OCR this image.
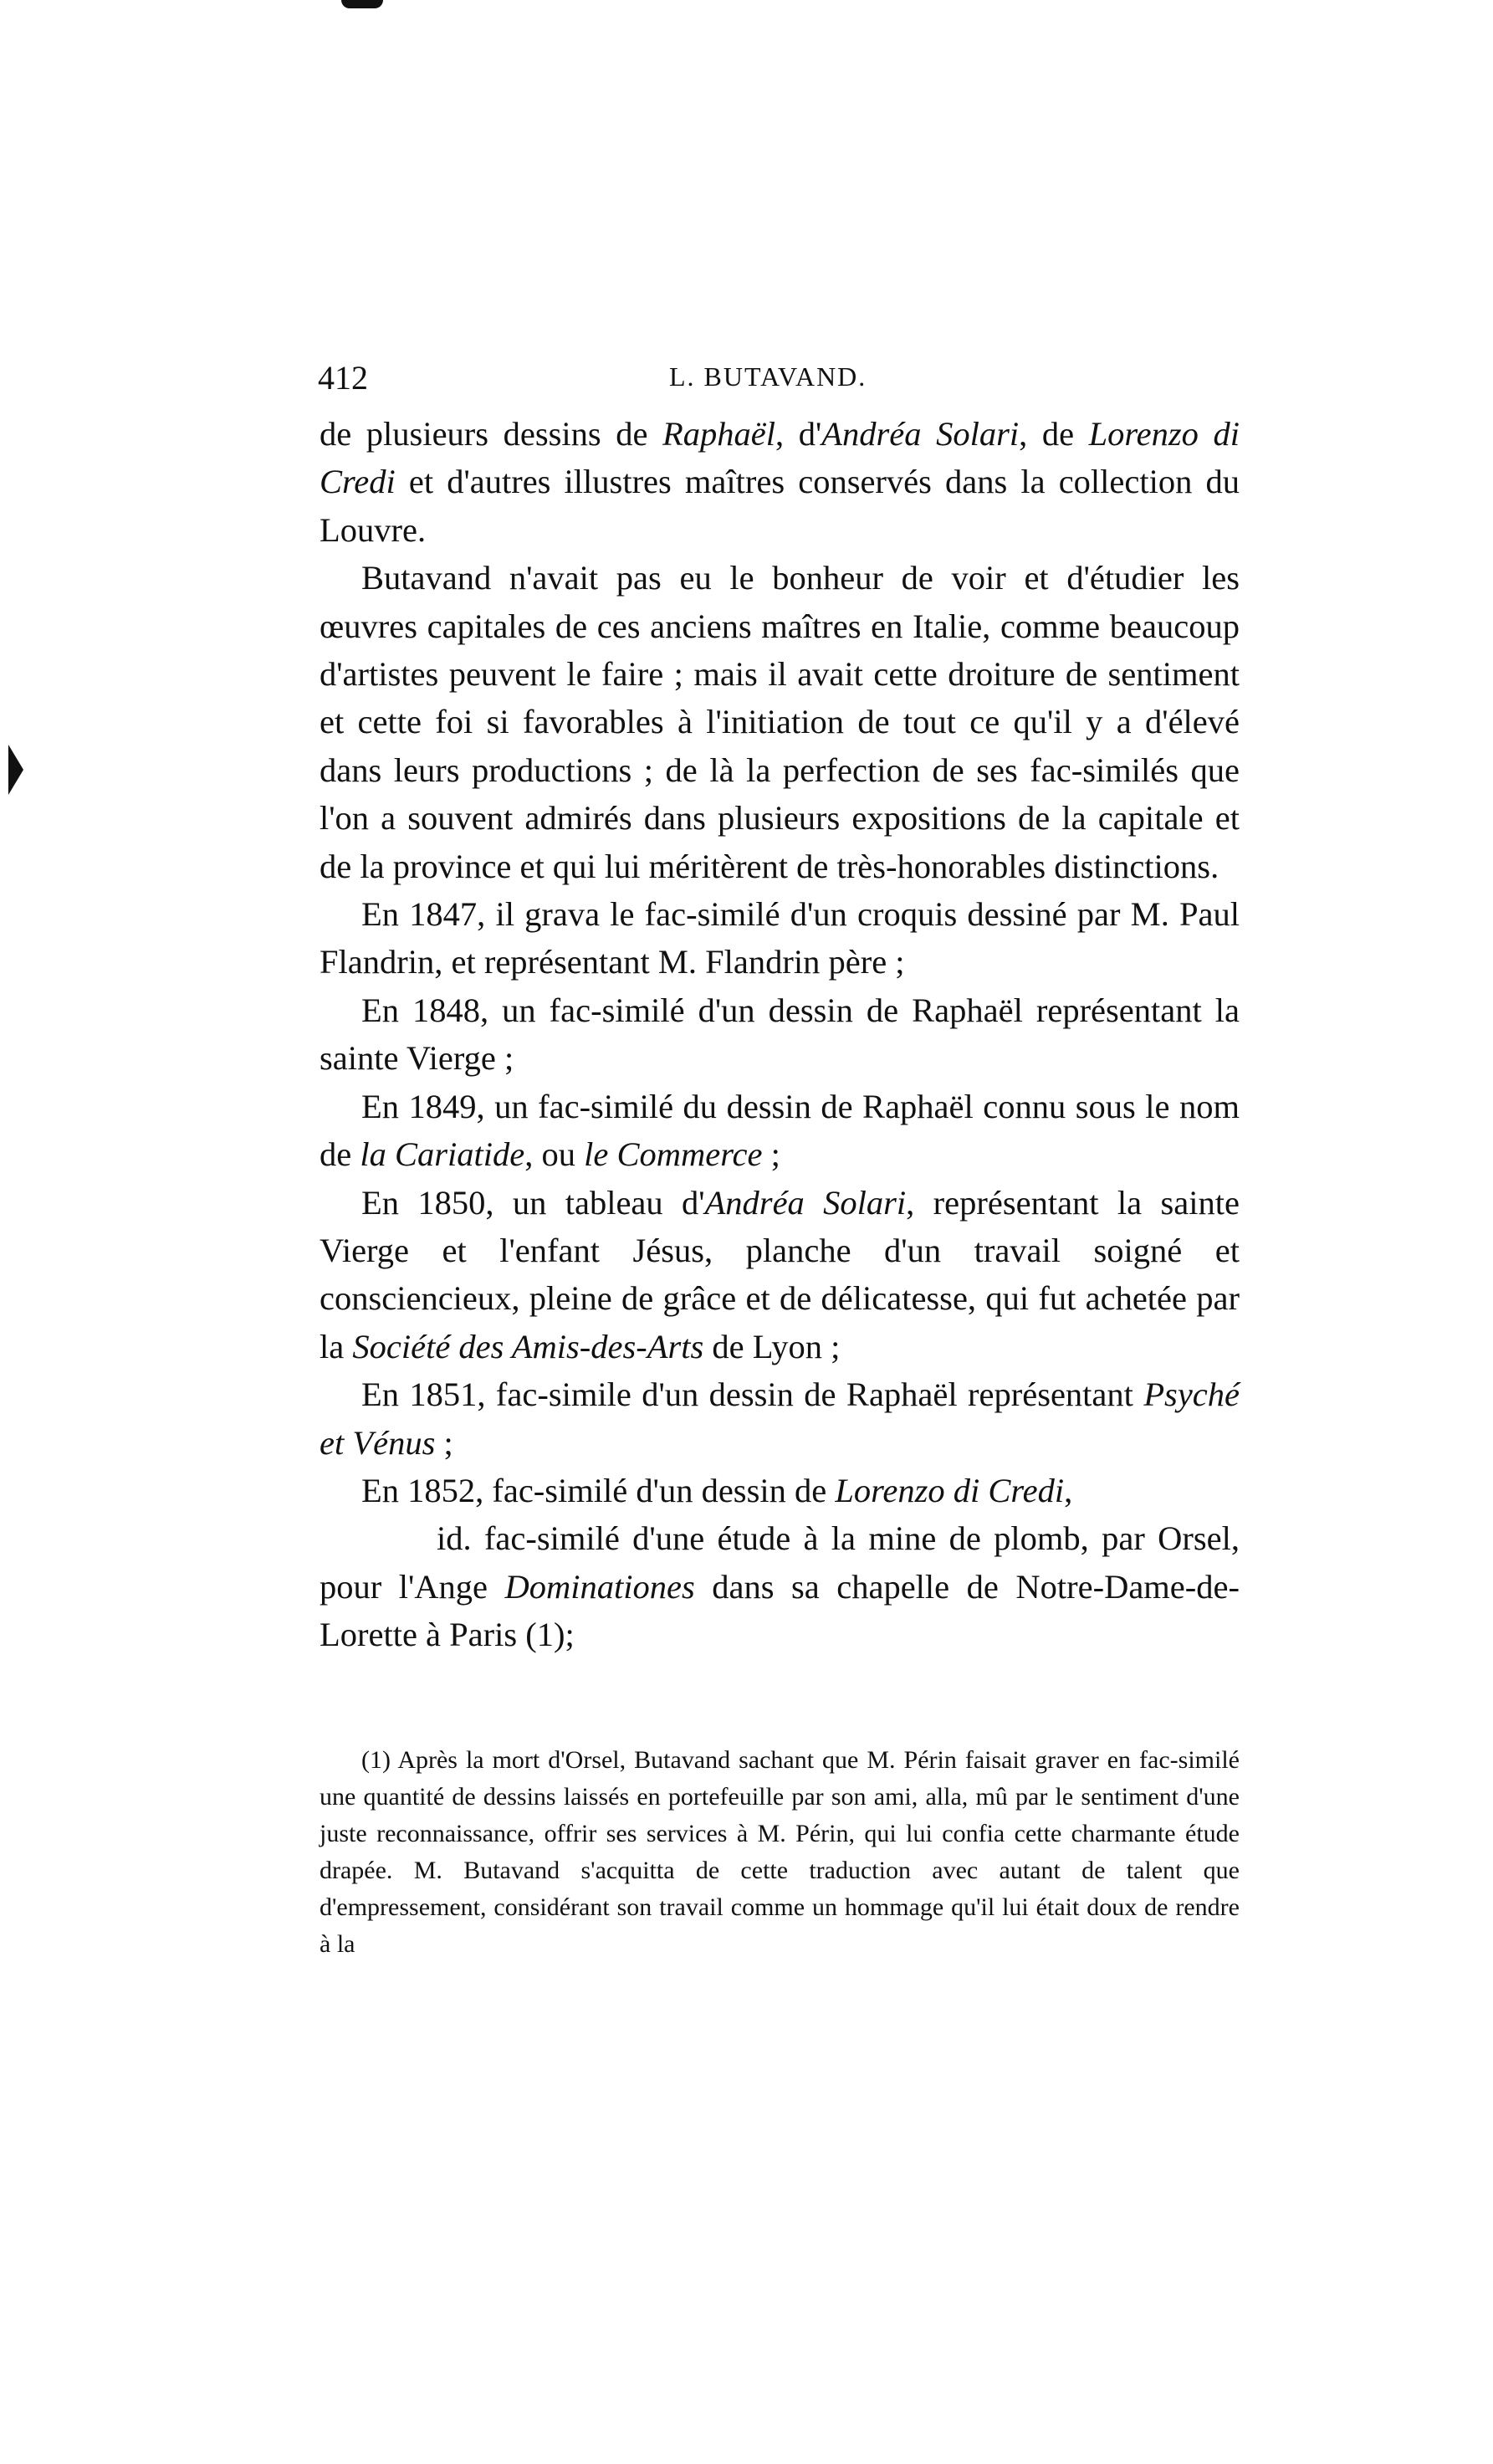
412	L. BUTAVAND.

de plusieurs dessins de Raphaël, d'Andréa Solari, de Lorenzo di Credi et d'autres illustres maîtres conservés dans la collection du Louvre.

Butavand n'avait pas eu le bonheur de voir et d'étudier les œuvres capitales de ces anciens maîtres en Italie, comme beaucoup d'artistes peuvent le faire ; mais il avait cette droiture de sentiment et cette foi si favorables à l'initiation de tout ce qu'il y a d'élevé dans leurs productions ; de là la perfection de ses fac-similés que l'on a souvent admirés dans plusieurs expositions de la capitale et de la province et qui lui méritèrent de très-honorables distinctions.

En 1847, il grava le fac-similé d'un croquis dessiné par M. Paul Flandrin, et représentant M. Flandrin père ;

En 1848, un fac-similé d'un dessin de Raphaël représentant la sainte Vierge ;

En 1849, un fac-similé du dessin de Raphaël connu sous le nom de la Cariatide, ou le Commerce ;

En 1850, un tableau d'Andréa Solari, représentant la sainte Vierge et l'enfant Jésus, planche d'un travail soigné et consciencieux, pleine de grâce et de délicatesse, qui fut achetée par la Société des Amis-des-Arts de Lyon ;

En 1851, fac-simile d'un dessin de Raphaël représentant Psyché et Vénus ;

En 1852, fac-similé d'un dessin de Lorenzo di Credi,

id. fac-similé d'une étude à la mine de plomb, par Orsel, pour l'Ange Dominationes dans sa chapelle de Notre-Dame-de-Lorette à Paris (1);

(1) Après la mort d'Orsel, Butavand sachant que M. Périn faisait graver en fac-similé une quantité de dessins laissés en portefeuille par son ami, alla, mû par le sentiment d'une juste reconnaissance, offrir ses services à M. Périn, qui lui confia cette charmante étude drapée. M. Butavand s'acquitta de cette traduction avec autant de talent que d'empressement, considérant son travail comme un hommage qu'il lui était doux de rendre à la
